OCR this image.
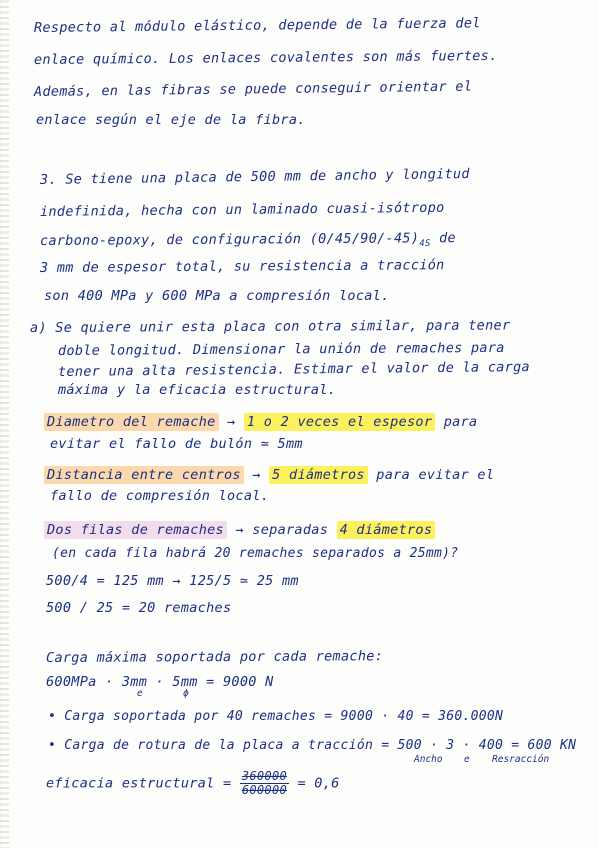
Respecto al módulo elástico, depende de la fuerza del
enlace químico. Los enlaces covalentes son más fuertes.
Además, en las fibras se puede conseguir orientar el
enlace según el eje de la fibra.
3. Se tiene una placa de 500 mm de ancho y longitud
indefinida, hecha con un laminado cuasi-isótropo
carbono-epoxy, de configuración $(0/45/90/-45)_{4S}$ de
3 mm de espesor total, su resistencia a tracción
son 400 MPa y 600 MPa a compresión local.
a) Se quiere unir esta placa con otra similar, para tener
doble longitud. Dimensionar la unión de remaches para
tener una alta resistencia. Estimar el valor de la carga
máxima y la eficacia estructural.
Diametro del remache → 1 o 2 veces el espesor para
evitar el fallo de bulón ≃ 5mm
Distancia entre centros → 5 diámetros para evitar el
fallo de compresión local.
Dos filas de remaches → separadas 4 diámetros
(en cada fila habrá 20 remaches separados a 25mm)?
500/4 = 125 mm → 125/5 ≃ 25 mm
500 / 25 = 20 remaches
Carga máxima soportada por cada remache:
600MPa · 3mm · 5mm = 9000 N
e	ϕ
• Carga soportada por 40 remaches = 9000 · 40 = 360.000N
• Carga de rotura de la placa a tracción = 500 · 3 · 400 = 600 KN
Ancho e Resracción
eficacia estructural = $\frac{360000}{600000} = 0,6$
